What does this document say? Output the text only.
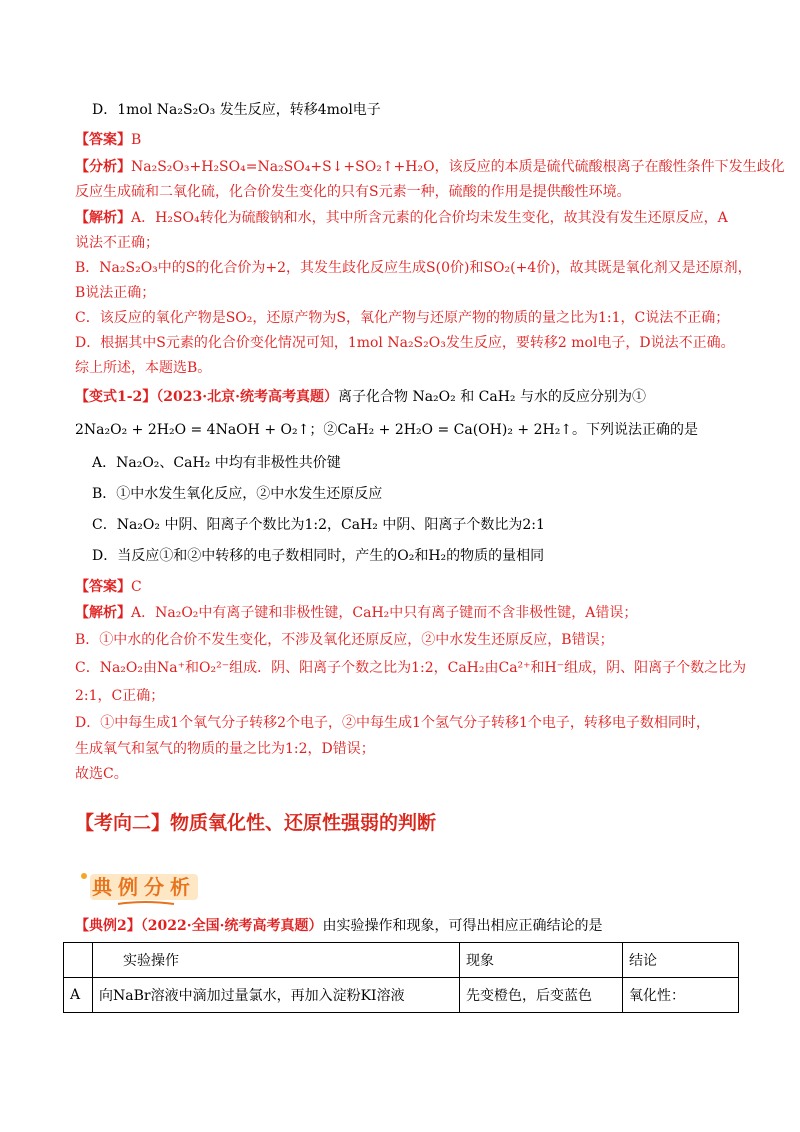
D．1mol Na₂S₂O₃ 发生反应，转移4mol电子
【答案】B
【分析】Na₂S₂O₃+H₂SO₄=Na₂SO₄+S↓+SO₂↑+H₂O，该反应的本质是硫代硫酸根离子在酸性条件下发生歧化
反应生成硫和二氧化硫，化合价发生变化的只有S元素一种，硫酸的作用是提供酸性环境。
【解析】A．H₂SO₄转化为硫酸钠和水，其中所含元素的化合价均未发生变化，故其没有发生还原反应，A
说法不正确；
B．Na₂S₂O₃中的S的化合价为+2，其发生歧化反应生成S(0价)和SO₂(+4价)，故其既是氧化剂又是还原剂，
B说法正确；
C．该反应的氧化产物是SO₂，还原产物为S，氧化产物与还原产物的物质的量之比为1:1，C说法不正确；
D．根据其中S元素的化合价变化情况可知，1mol Na₂S₂O₃发生反应，要转移2 mol电子，D说法不正确。
综上所述，本题选B。
【变式1-2】（2023·北京·统考高考真题）离子化合物 Na₂O₂ 和 CaH₂ 与水的反应分别为①
2Na₂O₂ + 2H₂O = 4NaOH + O₂↑；②CaH₂ + 2H₂O = Ca(OH)₂ + 2H₂↑。下列说法正确的是
A．Na₂O₂、CaH₂ 中均有非极性共价键
B．①中水发生氧化反应，②中水发生还原反应
C．Na₂O₂ 中阴、阳离子个数比为1:2，CaH₂ 中阴、阳离子个数比为2:1
D．当反应①和②中转移的电子数相同时，产生的O₂和H₂的物质的量相同
【答案】C
【解析】A．Na₂O₂中有离子键和非极性键，CaH₂中只有离子键而不含非极性键，A错误；
B．①中水的化合价不发生变化，不涉及氧化还原反应，②中水发生还原反应，B错误；
C．Na₂O₂由Na⁺和O₂²⁻组成．阴、阳离子个数之比为1:2，CaH₂由Ca²⁺和H⁻组成，阴、阳离子个数之比为
2:1，C正确；
D．①中每生成1个氧气分子转移2个电子，②中每生成1个氢气分子转移1个电子，转移电子数相同时，
生成氧气和氢气的物质的量之比为1:2，D错误；
故选C。
【考向二】物质氧化性、还原性强弱的判断
典例分析
【典例2】（2022·全国·统考高考真题）由实验操作和现象，可得出相应正确结论的是
	实验操作	现象	结论
A	向NaBr溶液中滴加过量氯水，再加入淀粉KI溶液	先变橙色，后变蓝色	氧化性：
